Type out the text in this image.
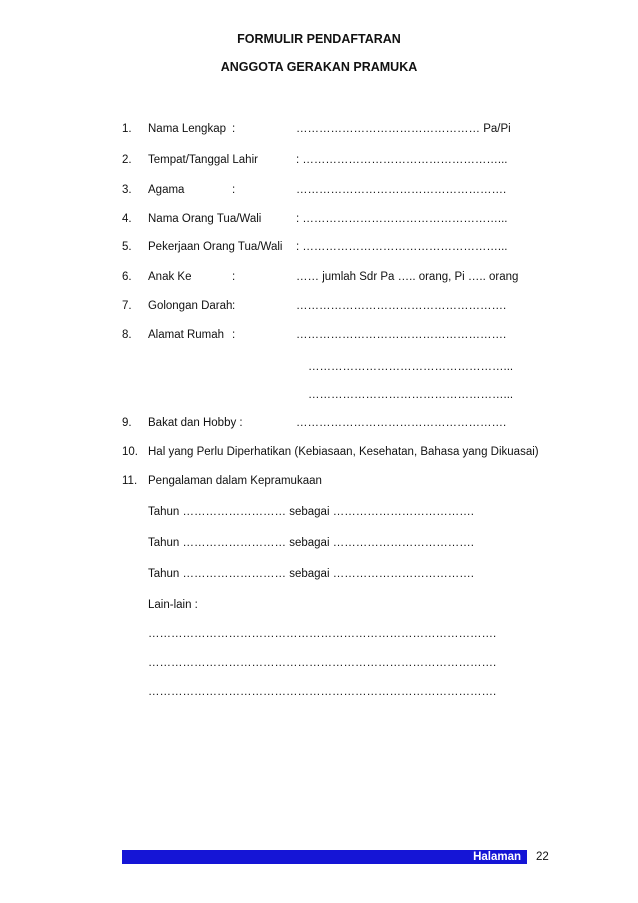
FORMULIR PENDAFTARAN
ANGGOTA GERAKAN PRAMUKA
1. Nama Lengkap :	………………………………………… Pa/Pi
2. Tempat/Tanggal Lahir	: ……………………………………………...
3. Agama	:	……………………………………………….
4. Nama Orang Tua/Wali	: ……………………………………………...
5. Pekerjaan Orang Tua/Wali : ……………………………………………...
6. Anak Ke	:	…… jumlah Sdr Pa ….. orang, Pi ….. orang
7. Golongan Darah :	……………………………………………….
8. Alamat Rumah :	……………………………………………….
……………………………………………...
……………………………………………...
9. Bakat dan Hobby :	……………………………………………….
10. Hal yang Perlu Diperhatikan (Kebiasaan, Kesehatan, Bahasa yang Dikuasai)
11. Pengalaman dalam Kepramukaan
Tahun ……………………… sebagai ……………………………….
Tahun ……………………… sebagai ……………………………….
Tahun ……………………… sebagai ……………………………….
Lain-lain :
……………………………………………………………………………….
……………………………………………………………………………….
……………………………………………………………………………….
Halaman 22
